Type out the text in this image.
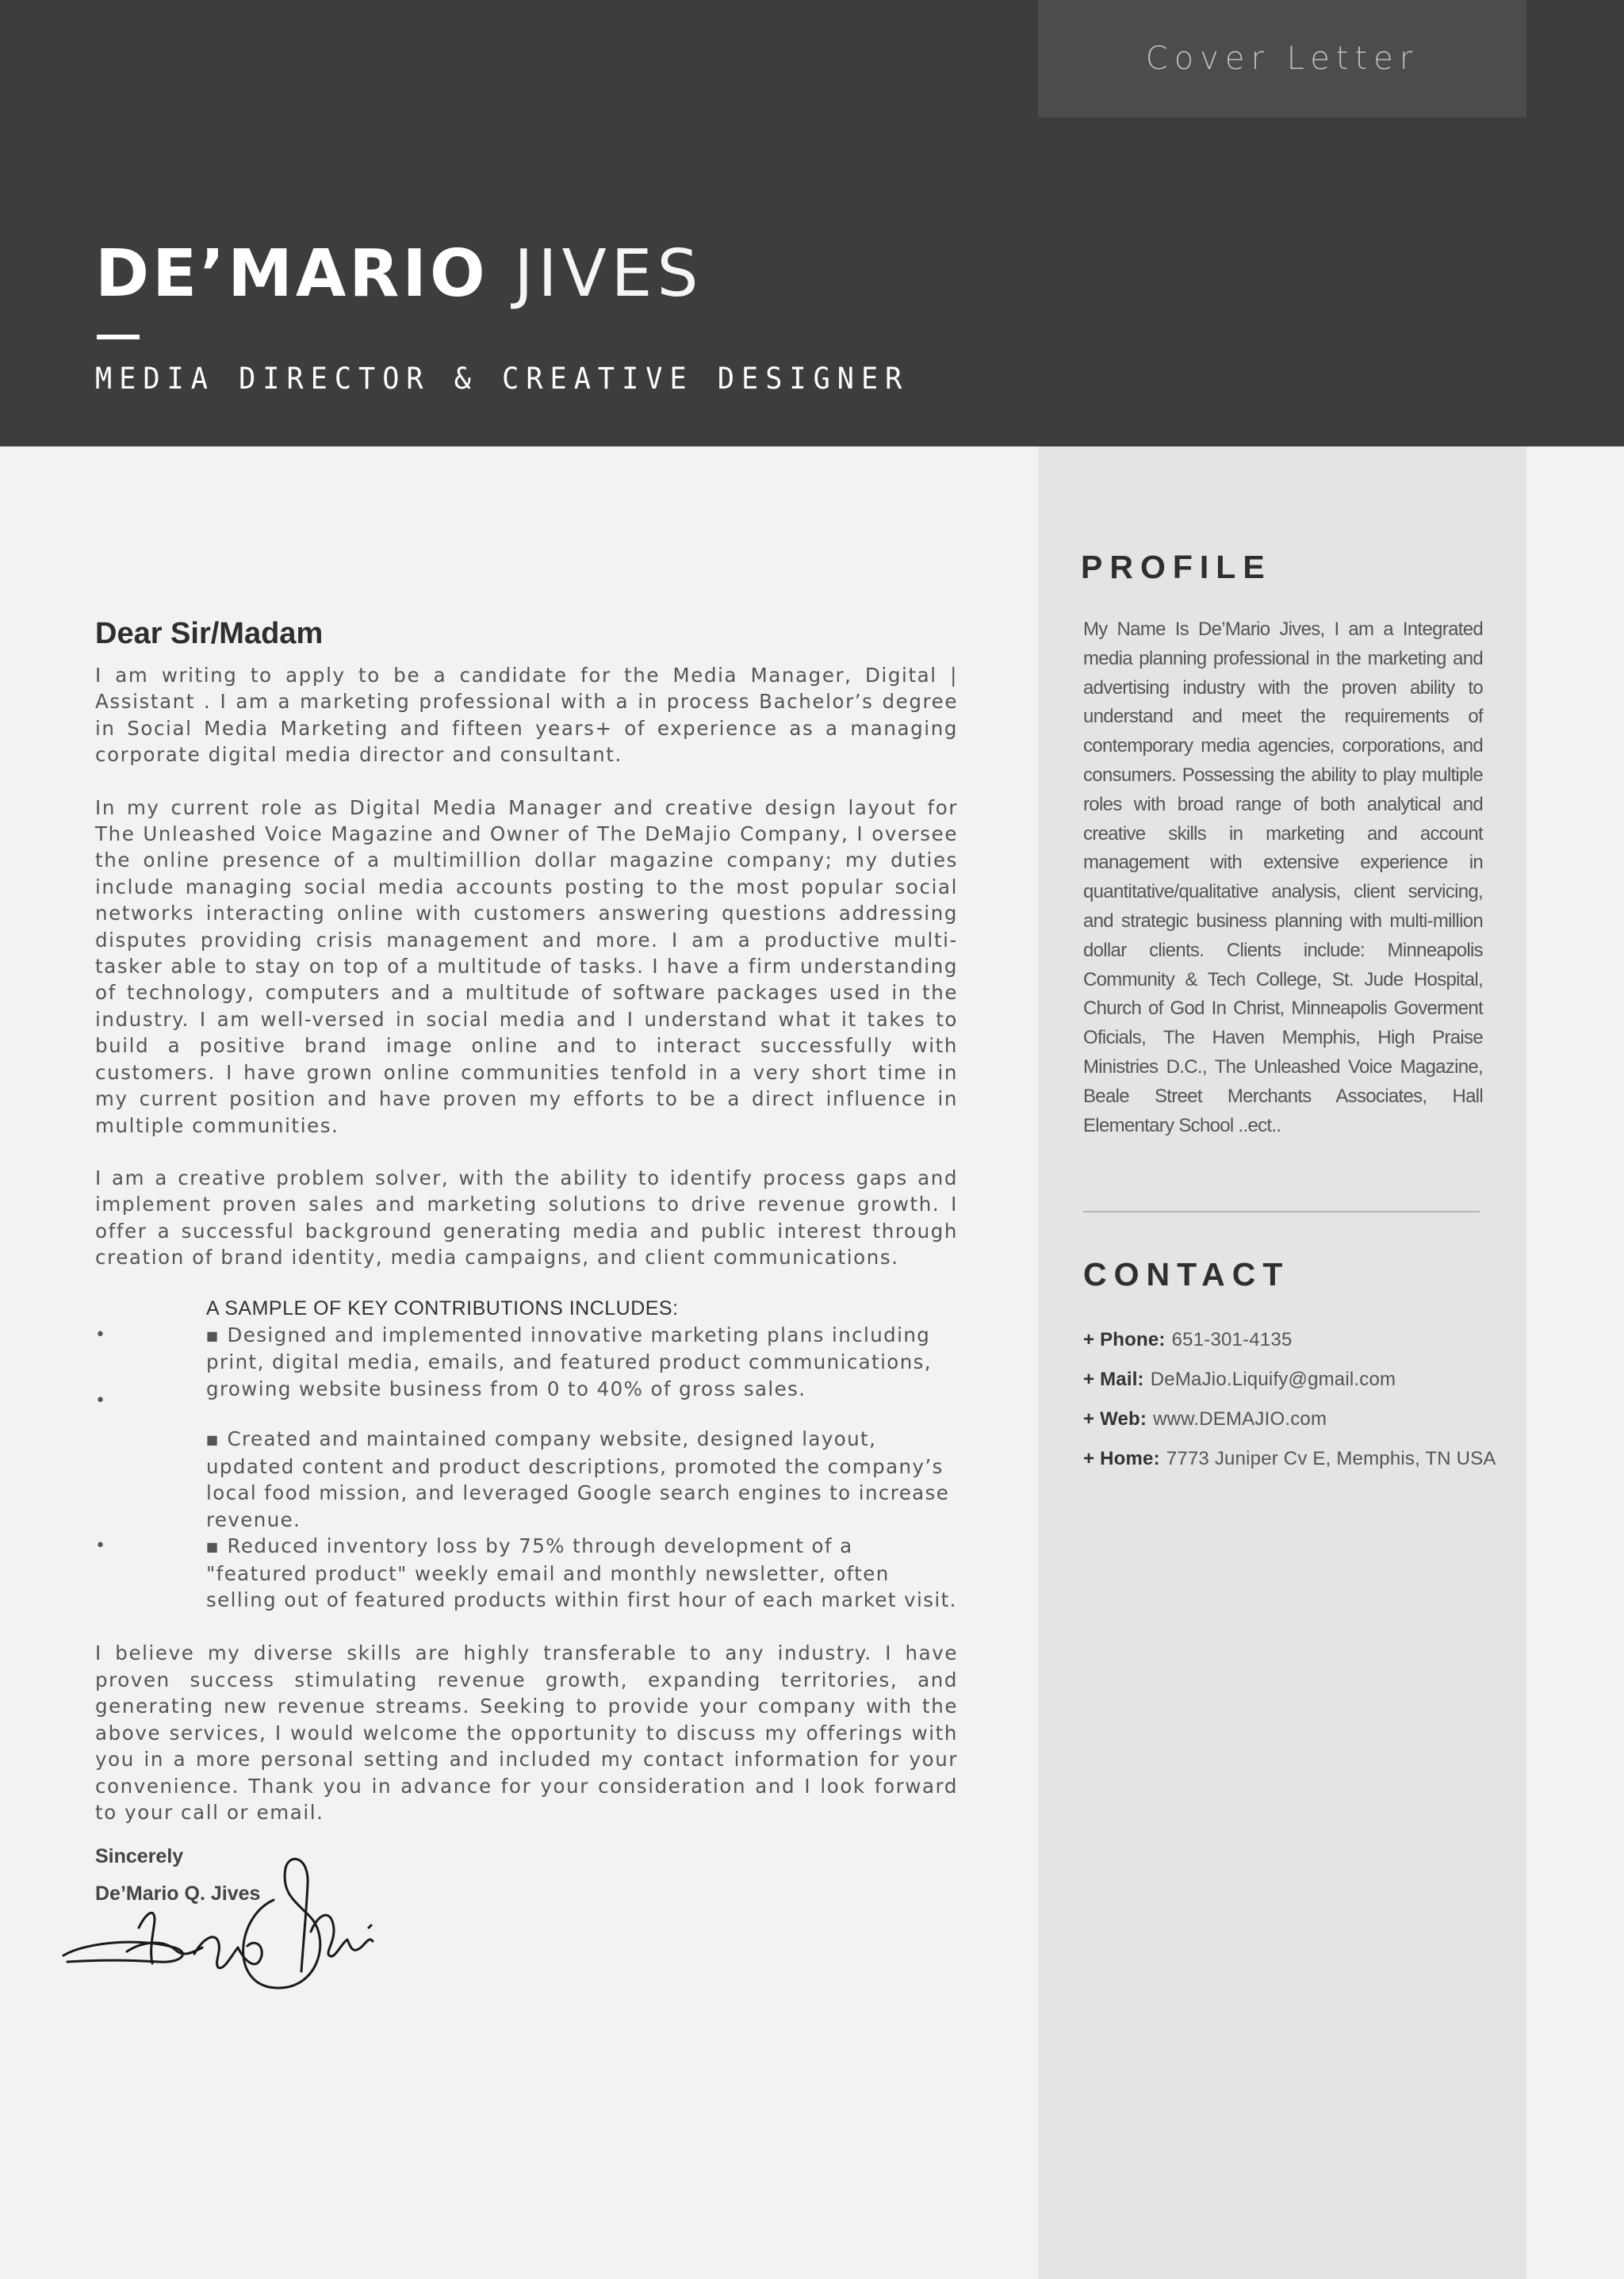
Cover Letter
DE’MARIO JIVES
MEDIA DIRECTOR & CREATIVE DESIGNER
Dear Sir/Madam

I am writing to apply to be a candidate for the Media Manager, Digital | Assistant . I am a marketing professional with a in process Bachelor’s degree in Social Media Marketing and fifteen years+ of experience as a managing corporate digital media director and consultant.

In my current role as Digital Media Manager and creative design layout for The Unleashed Voice Magazine and Owner of The DeMajio Company, I oversee the online presence of a multimillion dollar magazine company; my duties include managing social media accounts posting to the most popular social networks interacting online with customers answering questions addressing disputes providing crisis management and more. I am a productive multi-tasker able to stay on top of a multitude of tasks. I have a firm understanding of technology, computers and a multitude of software packages used in the industry. I am well-versed in social media and I understand what it takes to build a positive brand image online and to interact successfully with customers. I have grown online communities tenfold in a very short time in my current position and have proven my efforts to be a direct influence in multiple communities.

I am a creative problem solver, with the ability to identify process gaps and implement proven sales and marketing solutions to drive revenue growth. I offer a successful background generating media and public interest through creation of brand identity, media campaigns, and client communications.

A SAMPLE OF KEY CONTRIBUTIONS INCLUDES:
•	■ Designed and implemented innovative marketing plans including print, digital media, emails, and featured product communications, growing website business from 0 to 40% of gross sales.
•
■ Created and maintained company website, designed layout, updated content and product descriptions, promoted the company’s local food mission, and leveraged Google search engines to increase revenue.
•	■ Reduced inventory loss by 75% through development of a "featured product" weekly email and monthly newsletter, often selling out of featured products within first hour of each market visit.

I believe my diverse skills are highly transferable to any industry. I have proven success stimulating revenue growth, expanding territories, and generating new revenue streams. Seeking to provide your company with the above services, I would welcome the opportunity to discuss my offerings with you in a more personal setting and included my contact information for your convenience. Thank you in advance for your consideration and I look forward to your call or email.

Sincerely
De’Mario Q. Jives
PROFILE

My Name Is De’Mario Jives, I am a Integrated media planning professional in the marketing and advertising industry with the proven ability to understand and meet the requirements of contemporary media agencies, corporations, and consumers. Possessing the ability to play multiple roles with broad range of both analytical and creative skills in marketing and account management with extensive experience in quantitative/qualitative analysis, client servicing, and strategic business planning with multi-million dollar clients. Clients include: Minneapolis Community & Tech College, St. Jude Hospital, Church of God In Christ, Minneapolis Goverment Oficials, The Haven Memphis, High Praise Ministries D.C., The Unleashed Voice Magazine, Beale Street Merchants Associates, Hall Elementary School ..ect..

CONTACT
+ Phone: 651-301-4135
+ Mail: DeMaJio.Liquify@gmail.com
+ Web: www.DEMAJIO.com
+ Home: 7773 Juniper Cv E, Memphis, TN USA
